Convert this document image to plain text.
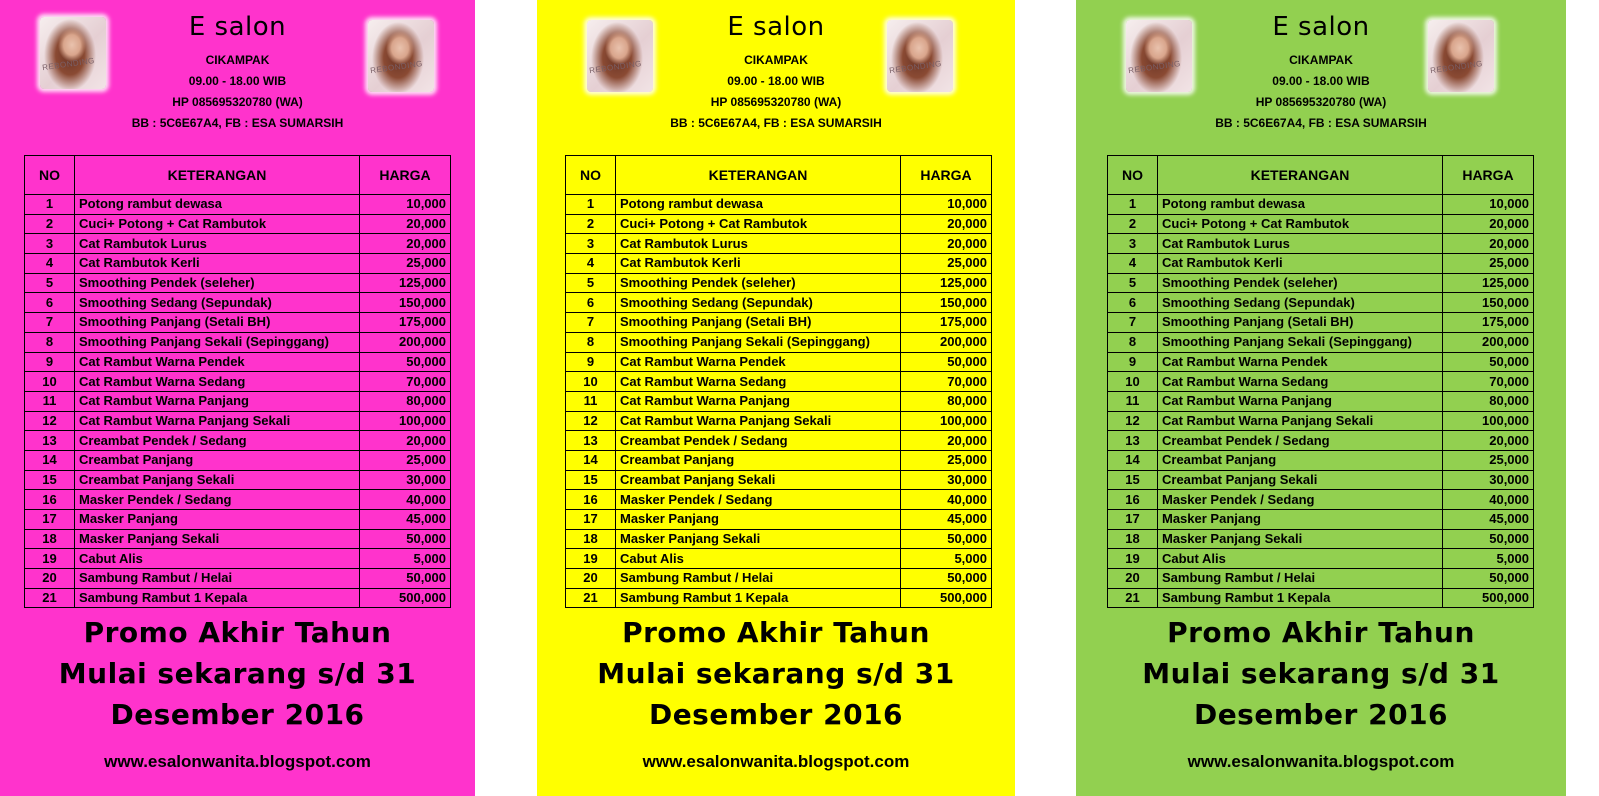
REBONDING	REBONDING
E salon
CIKAMPAK
09.00 - 18.00 WIB
HP 085695320780 (WA)
BB : 5C6E67A4, FB : ESA SUMARSIH
NO	KETERANGAN	HARGA
1	Potong rambut dewasa	10,000
2	Cuci+ Potong + Cat Rambutok	20,000
3	Cat Rambutok Lurus	20,000
4	Cat Rambutok Kerli	25,000
5	Smoothing Pendek (seleher)	125,000
6	Smoothing Sedang (Sepundak)	150,000
7	Smoothing Panjang (Setali BH)	175,000
8	Smoothing Panjang Sekali (Sepinggang)	200,000
9	Cat Rambut Warna Pendek	50,000
10	Cat Rambut Warna Sedang	70,000
11	Cat Rambut Warna Panjang	80,000
12	Cat Rambut Warna Panjang Sekali	100,000
13	Creambat Pendek / Sedang	20,000
14	Creambat Panjang	25,000
15	Creambat Panjang Sekali	30,000
16	Masker Pendek / Sedang	40,000
17	Masker Panjang	45,000
18	Masker Panjang Sekali	50,000
19	Cabut Alis	5,000
20	Sambung Rambut / Helai	50,000
21	Sambung Rambut 1 Kepala	500,000
Promo Akhir Tahun
Mulai sekarang s/d 31
Desember 2016
www.esalonwanita.blogspot.com
REBONDING	REBONDING
E salon
CIKAMPAK
09.00 - 18.00 WIB
HP 085695320780 (WA)
BB : 5C6E67A4, FB : ESA SUMARSIH
NO	KETERANGAN	HARGA
1	Potong rambut dewasa	10,000
2	Cuci+ Potong + Cat Rambutok	20,000
3	Cat Rambutok Lurus	20,000
4	Cat Rambutok Kerli	25,000
5	Smoothing Pendek (seleher)	125,000
6	Smoothing Sedang (Sepundak)	150,000
7	Smoothing Panjang (Setali BH)	175,000
8	Smoothing Panjang Sekali (Sepinggang)	200,000
9	Cat Rambut Warna Pendek	50,000
10	Cat Rambut Warna Sedang	70,000
11	Cat Rambut Warna Panjang	80,000
12	Cat Rambut Warna Panjang Sekali	100,000
13	Creambat Pendek / Sedang	20,000
14	Creambat Panjang	25,000
15	Creambat Panjang Sekali	30,000
16	Masker Pendek / Sedang	40,000
17	Masker Panjang	45,000
18	Masker Panjang Sekali	50,000
19	Cabut Alis	5,000
20	Sambung Rambut / Helai	50,000
21	Sambung Rambut 1 Kepala	500,000
Promo Akhir Tahun
Mulai sekarang s/d 31
Desember 2016
www.esalonwanita.blogspot.com
REBONDING	REBONDING
E salon
CIKAMPAK
09.00 - 18.00 WIB
HP 085695320780 (WA)
BB : 5C6E67A4, FB : ESA SUMARSIH
NO	KETERANGAN	HARGA
1	Potong rambut dewasa	10,000
2	Cuci+ Potong + Cat Rambutok	20,000
3	Cat Rambutok Lurus	20,000
4	Cat Rambutok Kerli	25,000
5	Smoothing Pendek (seleher)	125,000
6	Smoothing Sedang (Sepundak)	150,000
7	Smoothing Panjang (Setali BH)	175,000
8	Smoothing Panjang Sekali (Sepinggang)	200,000
9	Cat Rambut Warna Pendek	50,000
10	Cat Rambut Warna Sedang	70,000
11	Cat Rambut Warna Panjang	80,000
12	Cat Rambut Warna Panjang Sekali	100,000
13	Creambat Pendek / Sedang	20,000
14	Creambat Panjang	25,000
15	Creambat Panjang Sekali	30,000
16	Masker Pendek / Sedang	40,000
17	Masker Panjang	45,000
18	Masker Panjang Sekali	50,000
19	Cabut Alis	5,000
20	Sambung Rambut / Helai	50,000
21	Sambung Rambut 1 Kepala	500,000
Promo Akhir Tahun
Mulai sekarang s/d 31
Desember 2016
www.esalonwanita.blogspot.com
